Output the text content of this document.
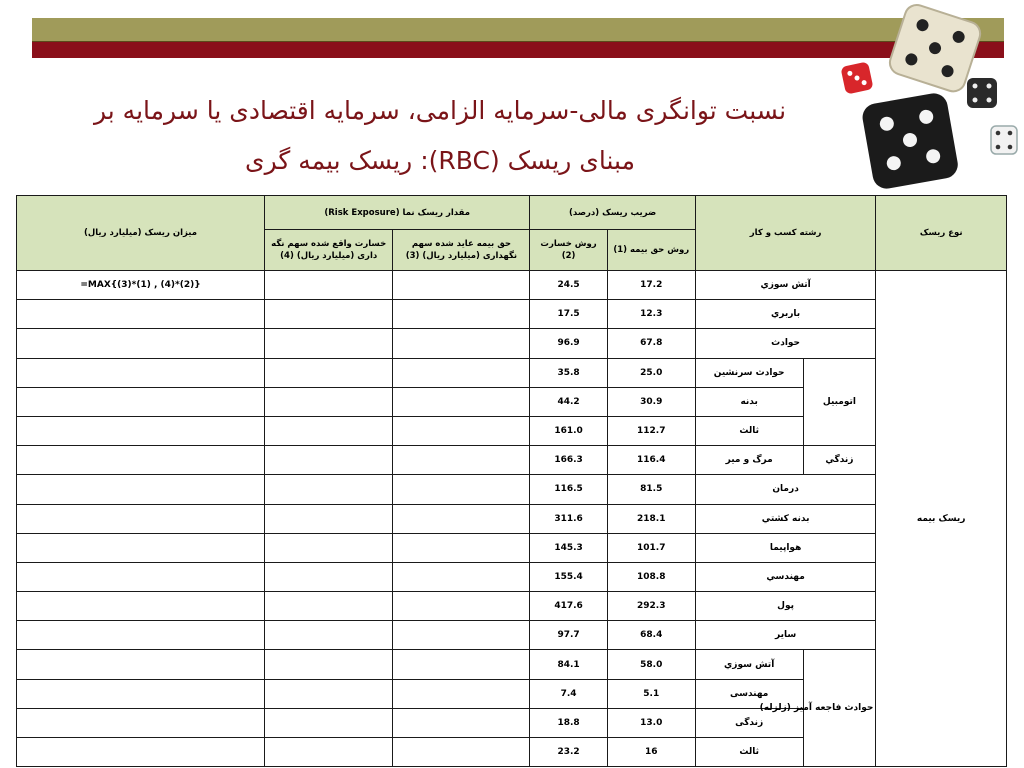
نسبت توانگری مالی-سرمایه الزامی، سرمایه اقتصادی یا سرمایه بر
مبنای ریسک (RBC): ریسک بیمه گری
میزان ریسک (میلیارد ریال)	مقدار ریسک نما (Risk Exposure)		ضریب ریسک (درصد)		رشته کسب و کار		نوع ریسک
	خسارت واقع شده سهم نگه داری (میلیارد ریال) (4)	حق بیمه عاید شده سهم نگهداری (میلیارد ریال) (3)	روش خسارت (2)	روش حق بیمه (1)			
=MAX{(3)*(1) , (4)*(2)}			24.5	17.2	آتش سوزي		ریسک بیمه
			17.5	12.3	باربري		
			96.9	67.8	حوادث		
			35.8	25.0	حوادث سرنشین	اتومبیل	
			44.2	30.9	بدنه		
			161.0	112.7	ثالث		
			166.3	116.4	مرگ و میر	زندگي	
			116.5	81.5	درمان		
			311.6	218.1	بدنه کشتي		
			145.3	101.7	هواپیما		
			155.4	108.8	مهندسي		
			417.6	292.3	پول		
			97.7	68.4	سایر		
			84.1	58.0	آتش سوزي	حوادث فاجعه آمیز (زلزله)	
			7.4	5.1	مهندسی		
			18.8	13.0	زندگی		
			23.2	16	ثالث		
